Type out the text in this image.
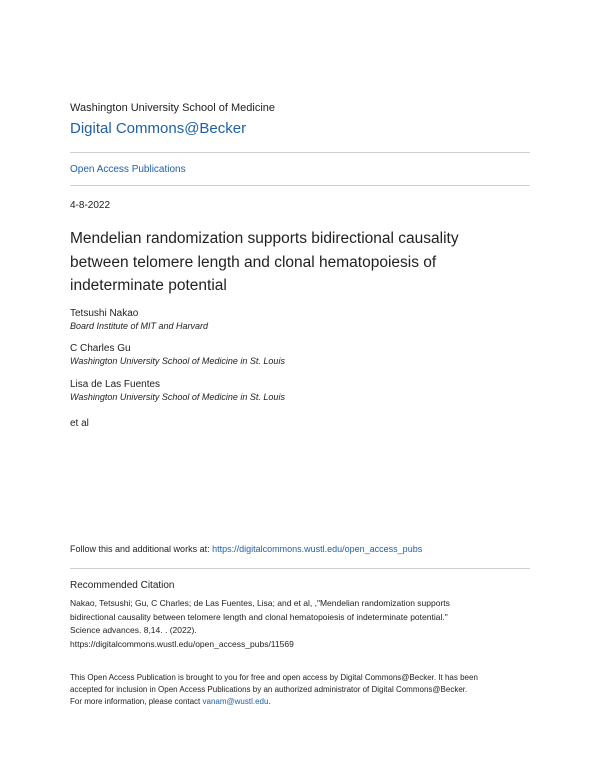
Washington University School of Medicine
Digital Commons@Becker
Open Access Publications
4-8-2022
Mendelian randomization supports bidirectional causality between telomere length and clonal hematopoiesis of indeterminate potential
Tetsushi Nakao
Board Institute of MIT and Harvard
C Charles Gu
Washington University School of Medicine in St. Louis
Lisa de Las Fuentes
Washington University School of Medicine in St. Louis
et al
Follow this and additional works at: https://digitalcommons.wustl.edu/open_access_pubs
Recommended Citation
Nakao, Tetsushi; Gu, C Charles; de Las Fuentes, Lisa; and et al, ,"Mendelian randomization supports
bidirectional causality between telomere length and clonal hematopoiesis of indeterminate potential."
Science advances. 8,14. . (2022).
https://digitalcommons.wustl.edu/open_access_pubs/11569
This Open Access Publication is brought to you for free and open access by Digital Commons@Becker. It has been
accepted for inclusion in Open Access Publications by an authorized administrator of Digital Commons@Becker.
For more information, please contact vanam@wustl.edu.
